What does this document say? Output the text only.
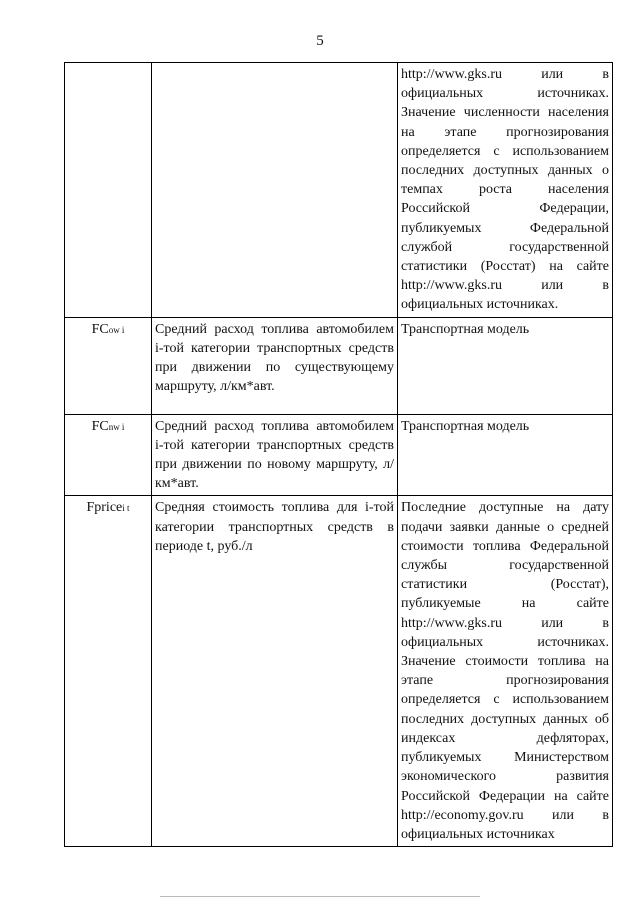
5
		http://www.gks.ru или в официальных источниках. Значение численности населения на этапе прогнозирования определяется с использованием последних доступных данных о темпах роста населения Российской Федерации, публикуемых Федеральной службой государственной статистики (Росстат) на сайте http://www.gks.ru или в официальных источниках.
FCow i	Средний расход топлива автомобилем i-той категории транспортных средств при движении по существующему маршруту, л/км*авт.	Транспортная модель
FCnw i	Средний расход топлива автомобилем i-той категории транспортных средств при движении по новому маршруту, л/км*авт.	Транспортная модель
Fpricei t	Средняя стоимость топлива для i-той категории транспортных средств в периоде t, руб./л	Последние доступные на дату подачи заявки данные о средней стоимости топлива Федеральной службы государственной статистики (Росстат), публикуемые на сайте http://www.gks.ru или в официальных источниках. Значение стоимости топлива на этапе прогнозирования определяется с использованием последних доступных данных об индексах дефляторах, публикуемых Министерством экономического развития Российской Федерации на сайте http://economy.gov.ru или в официальных источниках
